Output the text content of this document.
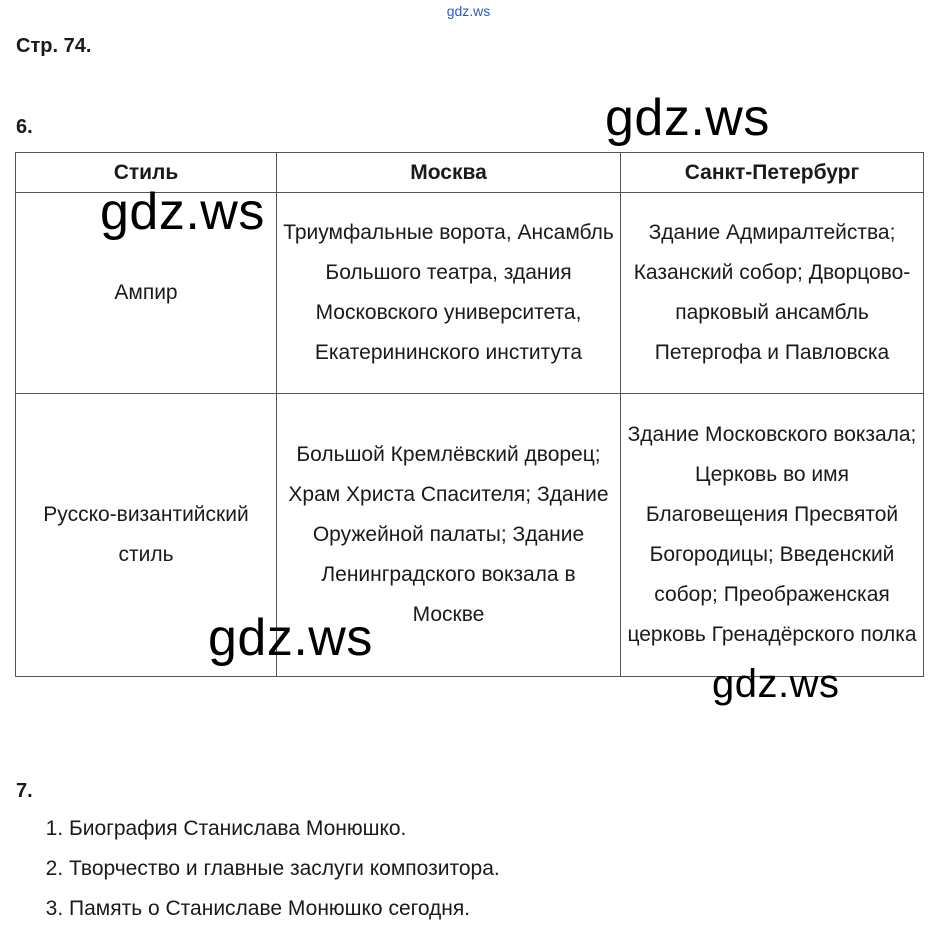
gdz.ws
Стр. 74.
6.
Стиль	Москва	Санкт-Петербург
Ампир	Триумфальные ворота, Ансамбль Большого театра, здания Московского университета, Екатерининского института	Здание Адмиралтейства; Казанский собор; Дворцово-парковый ансамбль Петергофа и Павловска
Русско-византийский стиль	Большой Кремлёвский дворец; Храм Христа Спасителя; Здание Оружейной палаты; Здание Ленинградского вокзала в Москве	Здание Московского вокзала; Церковь во имя Благовещения Пресвятой Богородицы; Введенский собор; Преображенская церковь Гренадёрского полка
7.
1. Биография Станислава Монюшко.
2. Творчество и главные заслуги композитора.
3. Память о Станиславе Монюшко сегодня.
gdz.ws
gdz.ws
gdz.ws
gdz.ws
